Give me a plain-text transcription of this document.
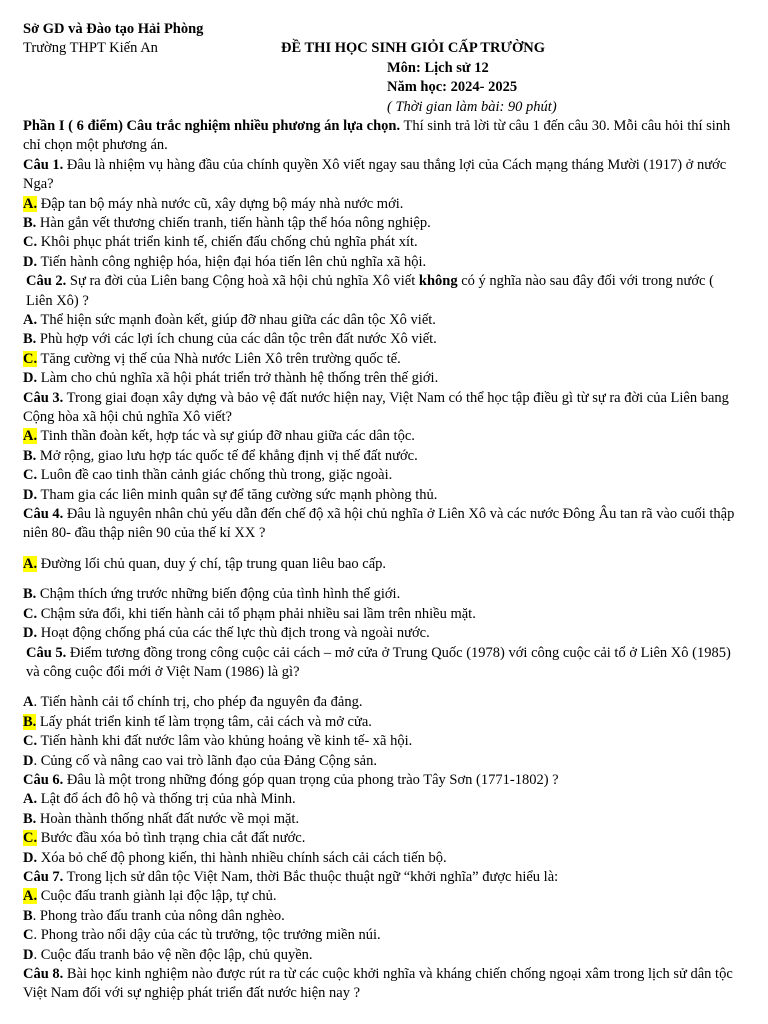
Sở GD và Đào tạo Hải Phòng
Trường THPT Kiến An	ĐỀ THI HỌC SINH GIỎI CẤP TRƯỜNG
Môn: Lịch sử 12
Năm học: 2024- 2025
( Thời gian làm bài: 90 phút)

Phần I ( 6 điểm) Câu trắc nghiệm nhiều phương án lựa chọn. Thí sinh trả lời từ câu 1 đến câu 30. Mỗi câu hỏi thí sinh chỉ chọn một phương án.

Câu 1. Đâu là nhiệm vụ hàng đầu của chính quyền Xô viết ngay sau thắng lợi của Cách mạng tháng Mười (1917) ở nước Nga?

A. Đập tan bộ máy nhà nước cũ, xây dựng bộ máy nhà nước mới.

B. Hàn gắn vết thương chiến tranh, tiến hành tập thể hóa nông nghiệp.

C. Khôi phục phát triển kinh tế, chiến đấu chống chủ nghĩa phát xít.

D. Tiến hành công nghiệp hóa, hiện đại hóa tiến lên chủ nghĩa xã hội.

Câu 2. Sự ra đời của Liên bang Cộng hoà xã hội chủ nghĩa Xô viết không có ý nghĩa nào sau đây đối với trong nước ( Liên Xô) ?

A. Thể hiện sức mạnh đoàn kết, giúp đỡ nhau giữa các dân tộc Xô viết.

B. Phù hợp với các lợi ích chung của các dân tộc trên đất nước Xô viết.

C. Tăng cường vị thế của Nhà nước Liên Xô trên trường quốc tế.

D. Làm cho chủ nghĩa xã hội phát triển trở thành hệ thống trên thế giới.

Câu 3. Trong giai đoạn xây dựng và bảo vệ đất nước hiện nay, Việt Nam có thể học tập điều gì từ sự ra đời của Liên bang Cộng hòa xã hội chủ nghĩa Xô viết?

A. Tinh thần đoàn kết, hợp tác và sự giúp đỡ nhau giữa các dân tộc.

B. Mở rộng, giao lưu hợp tác quốc tế để khẳng định vị thế đất nước.

C. Luôn đề cao tinh thần cảnh giác chống thù trong, giặc ngoài.

D. Tham gia các liên minh quân sự để tăng cường sức mạnh phòng thủ.

Câu 4. Đâu là nguyên nhân chủ yếu dẫn đến chế độ xã hội chủ nghĩa ở Liên Xô và các nước Đông Âu tan rã vào cuối thập niên 80- đầu thập niên 90 của thế kỉ XX ?

A. Đường lối chủ quan, duy ý chí, tập trung quan liêu bao cấp.

B. Chậm thích ứng trước những biến động của tình hình thế giới.

C. Chậm sửa đổi, khi tiến hành cải tổ phạm phải nhiều sai lầm trên nhiều mặt.

D. Hoạt động chống phá của các thế lực thù địch trong và ngoài nước.

Câu 5. Điểm tương đồng trong công cuộc cải cách – mở cửa ở Trung Quốc (1978) với công cuộc cải tổ ở Liên Xô (1985) và công cuộc đổi mới ở Việt Nam (1986) là gì?

A. Tiến hành cải tổ chính trị, cho phép đa nguyên đa đảng.

B. Lấy phát triển kinh tế làm trọng tâm, cải cách và mở cửa.

C. Tiến hành khi đất nước lâm vào khủng hoảng về kinh tế- xã hội.

D. Củng cố và nâng cao vai trò lãnh đạo của Đảng Cộng sản.

Câu 6. Đâu là một trong những đóng góp quan trọng của phong trào Tây Sơn (1771-1802) ?

A. Lật đổ ách đô hộ và thống trị của nhà Minh.

B. Hoàn thành thống nhất đất nước về mọi mặt.

C. Bước đầu xóa bỏ tình trạng chia cắt đất nước.

D. Xóa bỏ chế độ phong kiến, thi hành nhiều chính sách cải cách tiến bộ.

Câu 7. Trong lịch sử dân tộc Việt Nam, thời Bắc thuộc thuật ngữ “khởi nghĩa” được hiểu là:

A. Cuộc đấu tranh giành lại độc lập, tự chủ.

B. Phong trào đấu tranh của nông dân nghèo.

C. Phong trào nổi dậy của các tù trưởng, tộc trưởng miền núi.

D. Cuộc đấu tranh bảo vệ nền độc lập, chủ quyền.

Câu 8. Bài học kinh nghiệm nào được rút ra từ các cuộc khởi nghĩa và kháng chiến chống ngoại xâm trong lịch sử dân tộc Việt Nam đối với sự nghiệp phát triển đất nước hiện nay ?
